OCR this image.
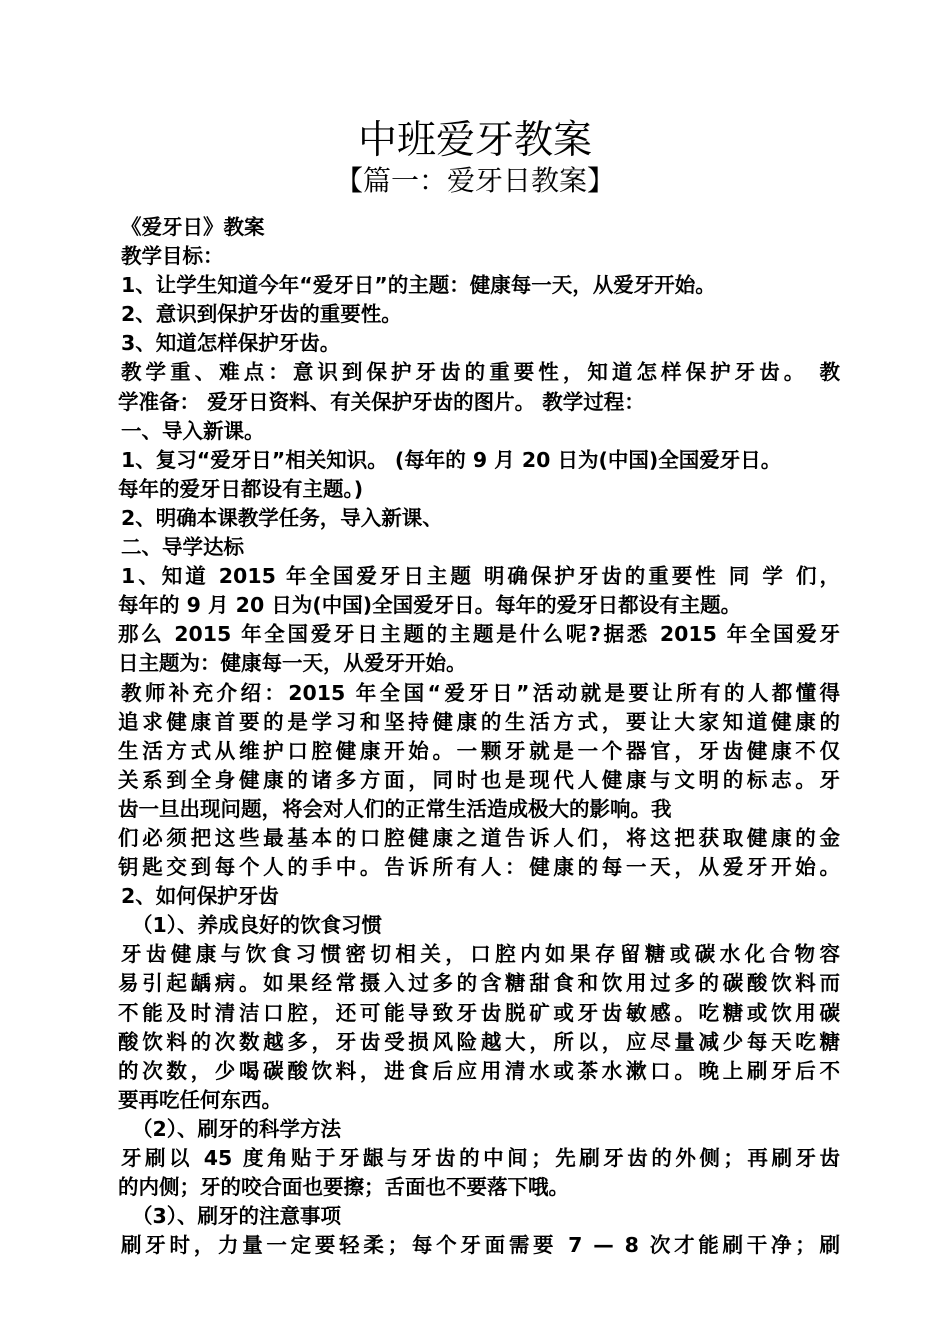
中班爱牙教案
【篇一：爱牙日教案】
《爱牙日》教案
教学目标：
1、让学生知道今年“爱牙日”的主题：健康每一天，从爱牙开始。
2、意识到保护牙齿的重要性。
3、知道怎样保护牙齿。
教学重、难点：意识到保护牙齿的重要性，知道怎样保护牙齿。 教
学准备： 爱牙日资料、有关保护牙齿的图片。 教学过程：
一、导入新课。
1、复习“爱牙日”相关知识。 (每年的 9 月 20 日为(中国)全国爱牙日。
每年的爱牙日都设有主题。)
2、明确本课教学任务，导入新课、
二、导学达标
1、知道 2015 年全国爱牙日主题 明确保护牙齿的重要性 同 学 们，
每年的 9 月 20 日为(中国)全国爱牙日。每年的爱牙日都设有主题。
那么 2015 年全国爱牙日主题的主题是什么呢?据悉 2015 年全国爱牙
日主题为：健康每一天，从爱牙开始。
教师补充介绍：2015 年全国“爱牙日”活动就是要让所有的人都懂得
追求健康首要的是学习和坚持健康的生活方式，要让大家知道健康的
生活方式从维护口腔健康开始。一颗牙就是一个器官，牙齿健康不仅
关系到全身健康的诸多方面，同时也是现代人健康与文明的标志。牙
齿一旦出现问题，将会对人们的正常生活造成极大的影响。我
们必须把这些最基本的口腔健康之道告诉人们，将这把获取健康的金
钥匙交到每个人的手中。告诉所有人：健康的每一天，从爱牙开始。
2、如何保护牙齿
（1）、养成良好的饮食习惯
牙齿健康与饮食习惯密切相关，口腔内如果存留糖或碳水化合物容
易引起龋病。如果经常摄入过多的含糖甜食和饮用过多的碳酸饮料而
不能及时清洁口腔，还可能导致牙齿脱矿或牙齿敏感。吃糖或饮用碳
酸饮料的次数越多，牙齿受损风险越大，所以，应尽量减少每天吃糖
的次数，少喝碳酸饮料，进食后应用清水或茶水漱口。晚上刷牙后不
要再吃任何东西。
（2）、刷牙的科学方法
牙刷以 45 度角贴于牙龈与牙齿的中间；先刷牙齿的外侧；再刷牙齿
的内侧；牙的咬合面也要擦；舌面也不要落下哦。
（3）、刷牙的注意事项
刷牙时，力量一定要轻柔；每个牙面需要 7 — 8 次才能刷干净；刷
